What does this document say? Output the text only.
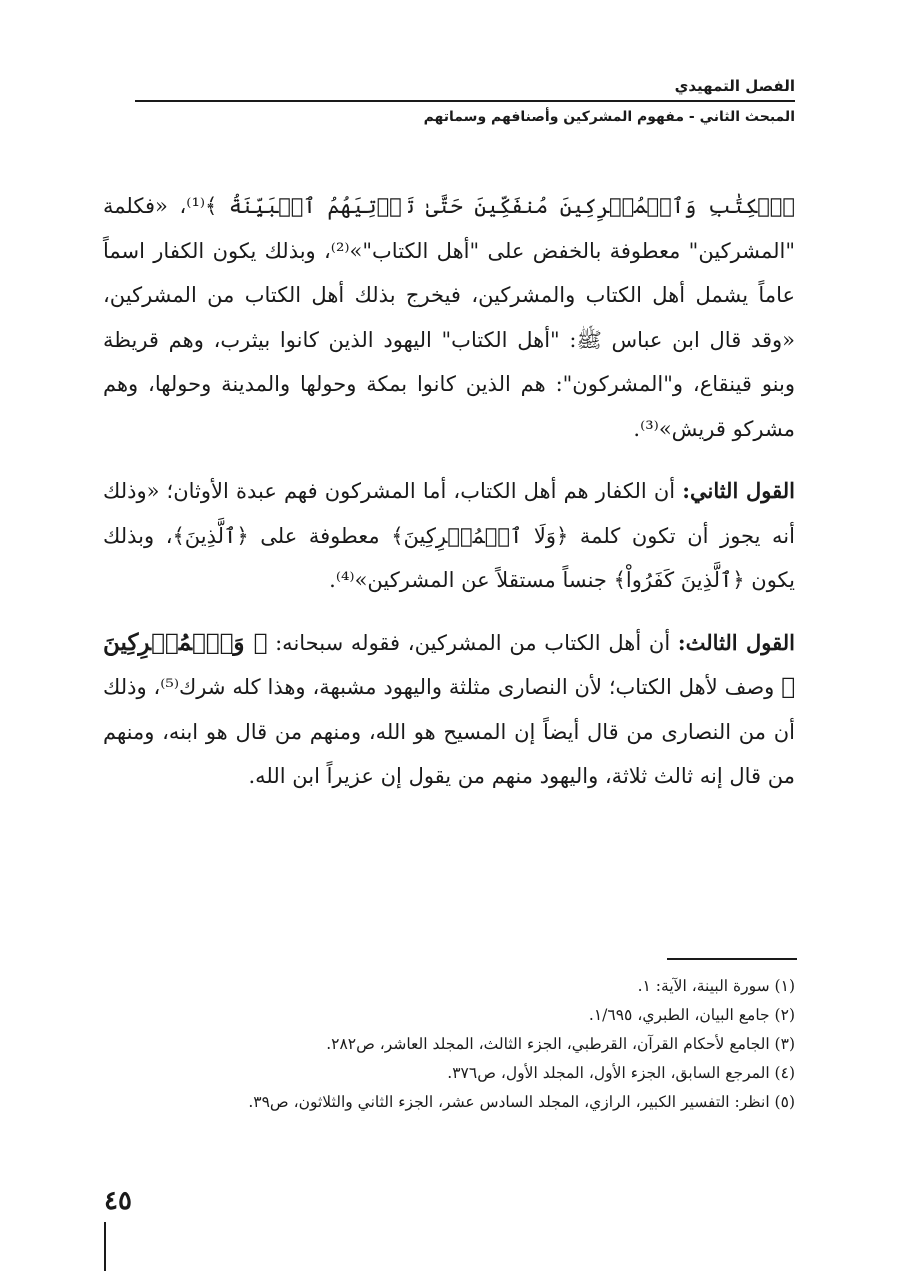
الفصل التمهيدي
المبحث الثاني - مفهوم المشركين وأصنافهم وسماتهم

ﭐلۡكِتَٰبِ وَٱلۡمُشۡرِكِينَ مُنفَكِّينَ حَتَّىٰ تَأۡتِيَهُمُ ٱلۡبَيِّنَةُ ﴾⁽¹⁾، «فكلمة "المشركين" معطوفة بالخفض على "أهل الكتاب"»⁽²⁾، وبذلك يكون الكفار اسماً عاماً يشمل أهل الكتاب والمشركين، فيخرج بذلك أهل الكتاب من المشركين، «وقد قال ابن عباس ﷺ: "أهل الكتاب" اليهود الذين كانوا بيثرب، وهم قريظة وبنو قينقاع، و"المشركون": هم الذين كانوا بمكة وحولها والمدينة وحولها، وهم مشركو قريش»⁽³⁾.

القول الثاني: أن الكفار هم أهل الكتاب، أما المشركون فهم عبدة الأوثان؛ «وذلك أنه يجوز أن تكون كلمة ﴿وَلَا ٱلۡمُشۡرِكِينَ﴾ معطوفة على ﴿ٱلَّذِينَ﴾، وبذلك يكون ﴿ٱلَّذِينَ كَفَرُواْ﴾ جنساً مستقلاً عن المشركين»⁽⁴⁾.

القول الثالث: أن أهل الكتاب من المشركين، فقوله سبحانه: ﴿ وَٱلۡمُشۡرِكِينَ ﴾ وصف لأهل الكتاب؛ لأن النصارى مثلثة واليهود مشبهة، وهذا كله شرك⁽⁵⁾، وذلك أن من النصارى من قال أيضاً إن المسيح هو الله، ومنهم من قال هو ابنه، ومنهم من قال إنه ثالث ثلاثة، واليهود منهم من يقول إن عزيراً ابن الله.

(١) سورة البينة، الآية: ١.
(٢) جامع البيان، الطبري، ١/٦٩٥.
(٣) الجامع لأحكام القرآن، القرطبي، الجزء الثالث، المجلد العاشر، ص٢٨٢.
(٤) المرجع السابق، الجزء الأول، المجلد الأول، ص٣٧٦.
(٥) انظر: التفسير الكبير، الرازي، المجلد السادس عشر، الجزء الثاني والثلاثون، ص٣٩.
٤٥
